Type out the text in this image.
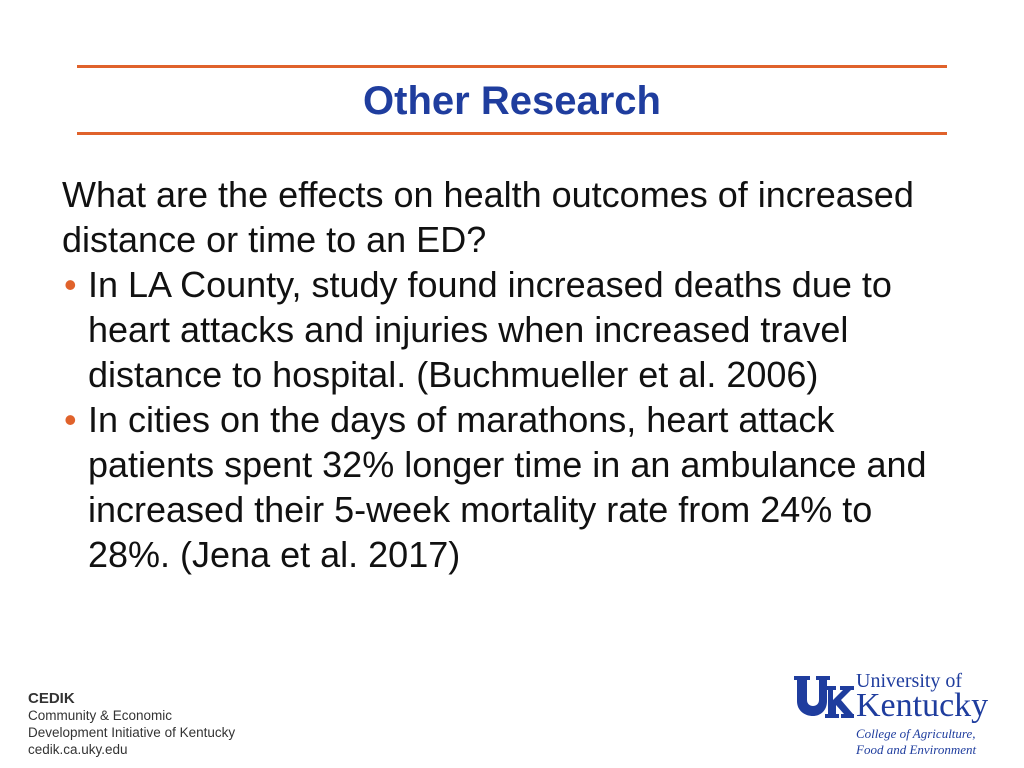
Other Research

What are the effects on health outcomes of increased distance or time to an ED?

• In LA County, study found increased deaths due to heart attacks and injuries when increased travel distance to hospital. (Buchmueller et al. 2006)
• In cities on the days of marathons, heart attack patients spent 32% longer time in an ambulance and increased their 5-week mortality rate from 24% to 28%. (Jena et al. 2017)
CEDIK
Community & Economic
Development Initiative of Kentucky
cedik.ca.uky.edu
University of
Kentucky
College of Agriculture,
Food and Environment
